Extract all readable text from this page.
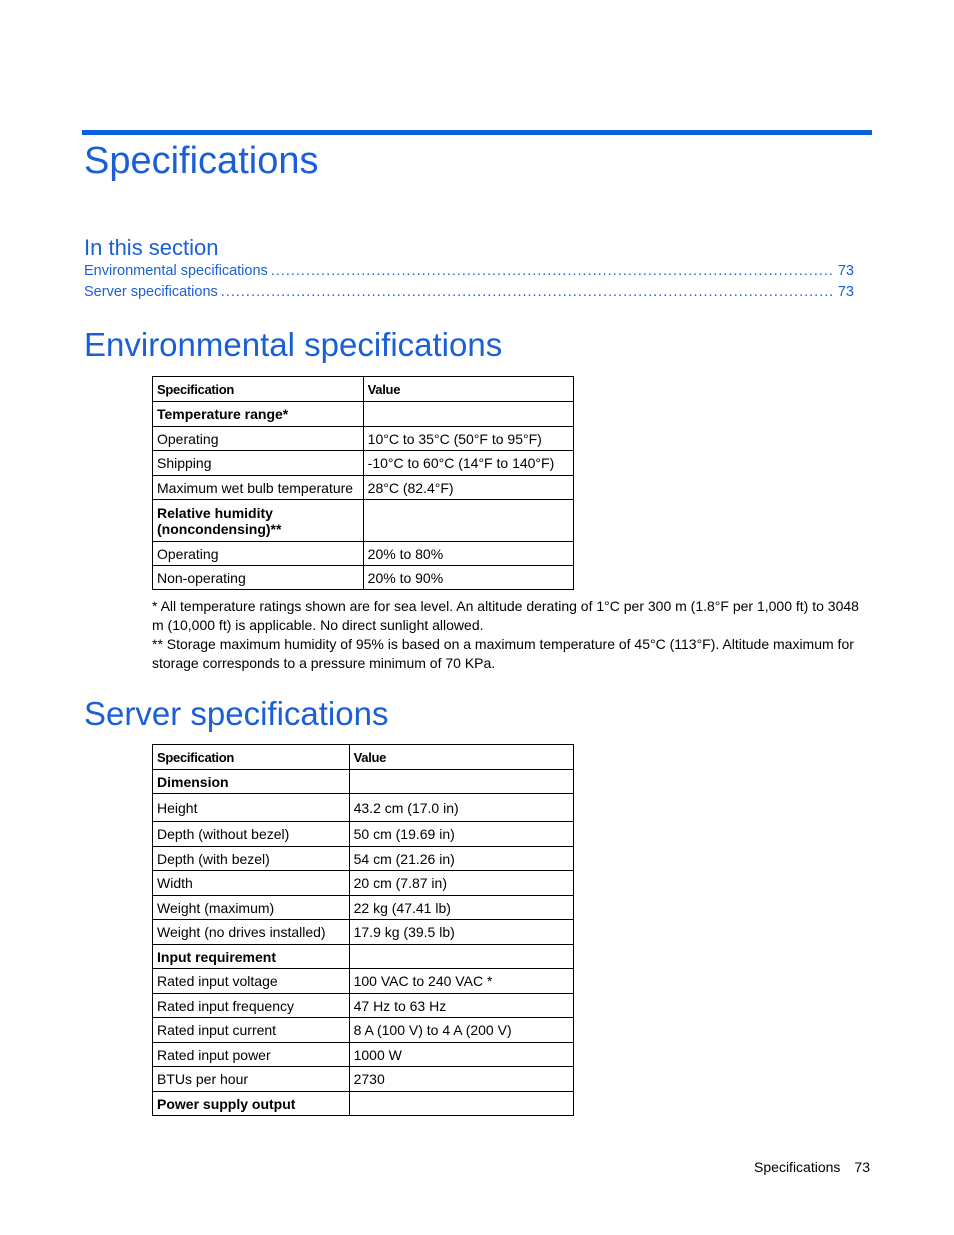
Specifications
In this section
Environmental specifications .....	73
Server specifications .....	73
Environmental specifications
Specification	Value
Temperature range*	
Operating	10°C to 35°C (50°F to 95°F)
Shipping	-10°C to 60°C (14°F to 140°F)
Maximum wet bulb temperature	28°C (82.4°F)
Relative humidity (noncondensing)**	
Operating	20% to 80%
Non-operating	20% to 90%

* All temperature ratings shown are for sea level. An altitude derating of 1°C per 300 m (1.8°F per 1,000 ft) to 3048 m (10,000 ft) is applicable. No direct sunlight allowed.

** Storage maximum humidity of 95% is based on a maximum temperature of 45°C (113°F). Altitude maximum for storage corresponds to a pressure minimum of 70 KPa.

Server specifications
Specification	Value
Dimension	
Height	43.2 cm (17.0 in)
Depth (without bezel)	50 cm (19.69 in)
Depth (with bezel)	54 cm (21.26 in)
Width	20 cm (7.87 in)
Weight (maximum)	22 kg (47.41 lb)
Weight (no drives installed)	17.9 kg (39.5 lb)
Input requirement	
Rated input voltage	100 VAC to 240 VAC *
Rated input frequency	47 Hz to 63 Hz
Rated input current	8 A (100 V) to 4 A (200 V)
Rated input power	1000 W
BTUs per hour	2730
Power supply output	
Specifications 73
